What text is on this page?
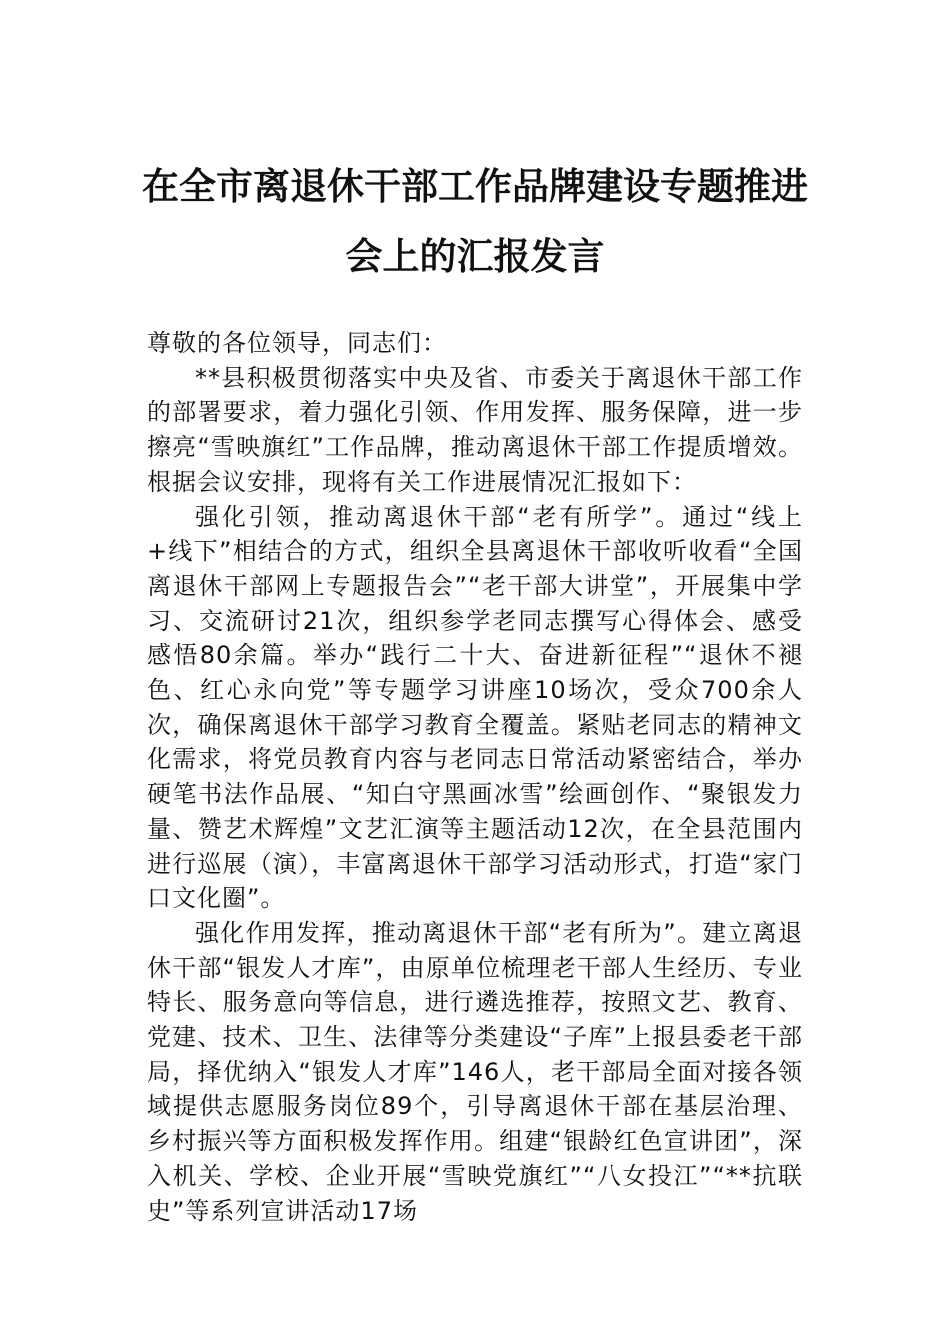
在全市离退休干部工作品牌建设专题推进
会上的汇报发言

尊敬的各位领导，同志们：

**县积极贯彻落实中央及省、市委关于离退休干部工作的部署要求，着力强化引领、作用发挥、服务保障，进一步擦亮“雪映旗红”工作品牌，推动离退休干部工作提质增效。根据会议安排，现将有关工作进展情况汇报如下：

强化引领，推动离退休干部“老有所学”。通过“线上+线下”相结合的方式，组织全县离退休干部收听收看“全国离退休干部网上专题报告会”“老干部大讲堂”，开展集中学习、交流研讨21次，组织参学老同志撰写心得体会、感受感悟80余篇。举办“践行二十大、奋进新征程”“退休不褪色、红心永向党”等专题学习讲座10场次，受众700余人次，确保离退休干部学习教育全覆盖。紧贴老同志的精神文化需求，将党员教育内容与老同志日常活动紧密结合，举办硬笔书法作品展、“知白守黑画冰雪”绘画创作、“聚银发力量、赞艺术辉煌”文艺汇演等主题活动12次，在全县范围内进行巡展（演），丰富离退休干部学习活动形式，打造“家门口文化圈”。

强化作用发挥，推动离退休干部“老有所为”。建立离退休干部“银发人才库”，由原单位梳理老干部人生经历、专业特长、服务意向等信息，进行遴选推荐，按照文艺、教育、党建、技术、卫生、法律等分类建设“子库”上报县委老干部局，择优纳入“银发人才库”146人，老干部局全面对接各领域提供志愿服务岗位89个，引导离退休干部在基层治理、乡村振兴等方面积极发挥作用。组建“银龄红色宣讲团”，深入机关、学校、企业开展“雪映党旗红”“八女投江”“**抗联史”等系列宣讲活动17场
